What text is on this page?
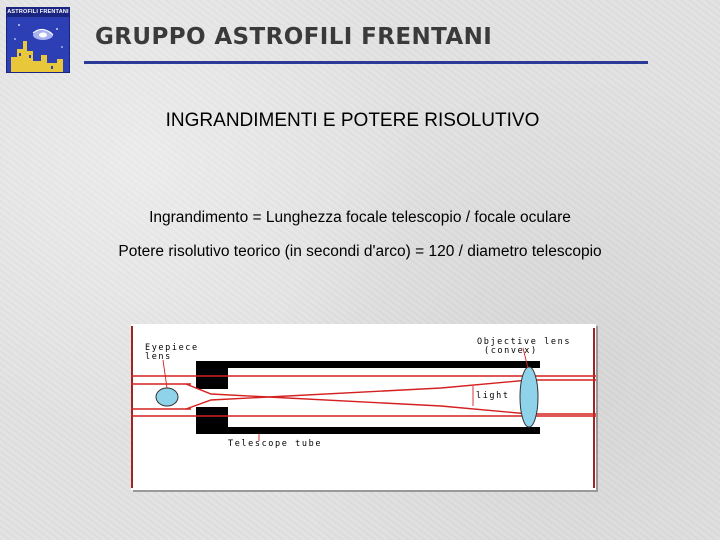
ASTROFILI FRENTANI
GRUPPO ASTROFILI FRENTANI
INGRANDIMENTI E POTERE RISOLUTIVO
Ingrandimento = Lunghezza focale telescopio / focale oculare
Potere risolutivo teorico (in secondi d'arco) = 120 / diametro telescopio
Eyepiece
lens
Objective lens
(convex)
light
Telescope tube
